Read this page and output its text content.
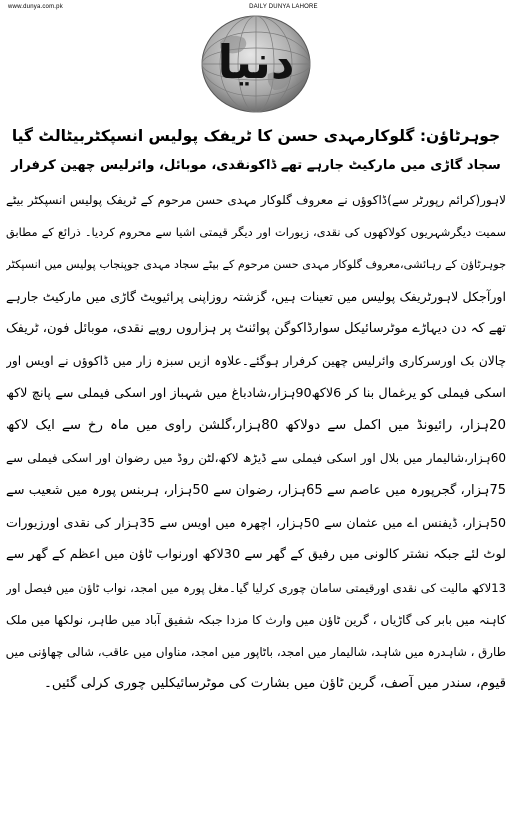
www.dunya.com.pk	DAILY DUNYA LAHORE
دنیا
جوہرٹاؤن: گلوکارمہدی حسن کا ٹریفک پولیس انسپکٹربیٹالٹ گیا
سجاد گاڑی میں مارکیٹ جارہے تھے ڈاکونقدی، موبائل، وائرلیس چھین کرفرار
لاہور(کرائم رپورٹر سے)ڈاکوؤں نے معروف گلوکار مہدی حسن مرحوم کے ٹریفک پولیس انسپکٹر بیٹے
سمیت دیگرشہریوں کولاکھوں کی نقدی، زیورات اور دیگر قیمتی اشیا سے محروم کردیا۔ ذرائع کے مطابق
جوہرٹاؤن کے رہائشی،معروف گلوکار مہدی حسن مرحوم کے بیٹے سجاد مہدی جوپنجاب پولیس میں انسپکٹر
اورآجکل لاہورٹریفک پولیس میں تعینات ہیں، گزشتہ روزاپنی پرائیویٹ گاڑی میں مارکیٹ جارہے
تھے کہ دن دیہاڑے موٹرسائیکل سوارڈاکوگن پوائنٹ پر ہزاروں روپے نقدی، موبائل فون، ٹریفک
چالان بک اورسرکاری وائرلیس چھین کرفرار ہوگئے۔علاوہ ازیں سبزہ زار میں ڈاکوؤں نے اویس اور
اسکی فیملی کو یرغمال بنا کر 6لاکھ90ہزار،شادباغ میں شہباز اور اسکی فیملی سے پانچ لاکھ
20ہزار، رائیونڈ میں اکمل سے دولاکھ 80ہزار،گلشن راوی میں ماہ رخ سے ایک لاکھ
60ہزار،شالیمار میں بلال اور اسکی فیملی سے ڈیڑھ لاکھ،لٹن روڈ میں رضوان اور اسکی فیملی سے
75ہزار، گجرپورہ میں عاصم سے 65ہزار، رضوان سے 50ہزار، ہربنس پورہ میں شعیب سے
50ہزار، ڈیفنس اے میں عثمان سے 50ہزار، اچھرہ میں اویس سے 35ہزار کی نقدی اورزیورات
لوٹ لئے جبکہ نشتر کالونی میں رفیق کے گھر سے 30لاکھ اورنواب ٹاؤن میں اعظم کے گھر سے
13لاکھ مالیت کی نقدی اورقیمتی سامان چوری کرلیا گیا۔مغل پورہ میں امجد، نواب ٹاؤن میں فیصل اور
کاہنہ میں بابر کی گاڑیاں ، گرین ٹاؤن میں وارث کا مزدا جبکہ شفیق آباد میں طاہر، نولکھا میں ملک
طارق ، شاہدرہ میں شاہد، شالیمار میں امجد، باٹاپور میں امجد، مناواں میں عاقب، شالی چھاؤنی میں
قیوم، سندر میں آصف، گرین ٹاؤن میں بشارت کی موٹرسائیکلیں چوری کرلی گئیں۔
